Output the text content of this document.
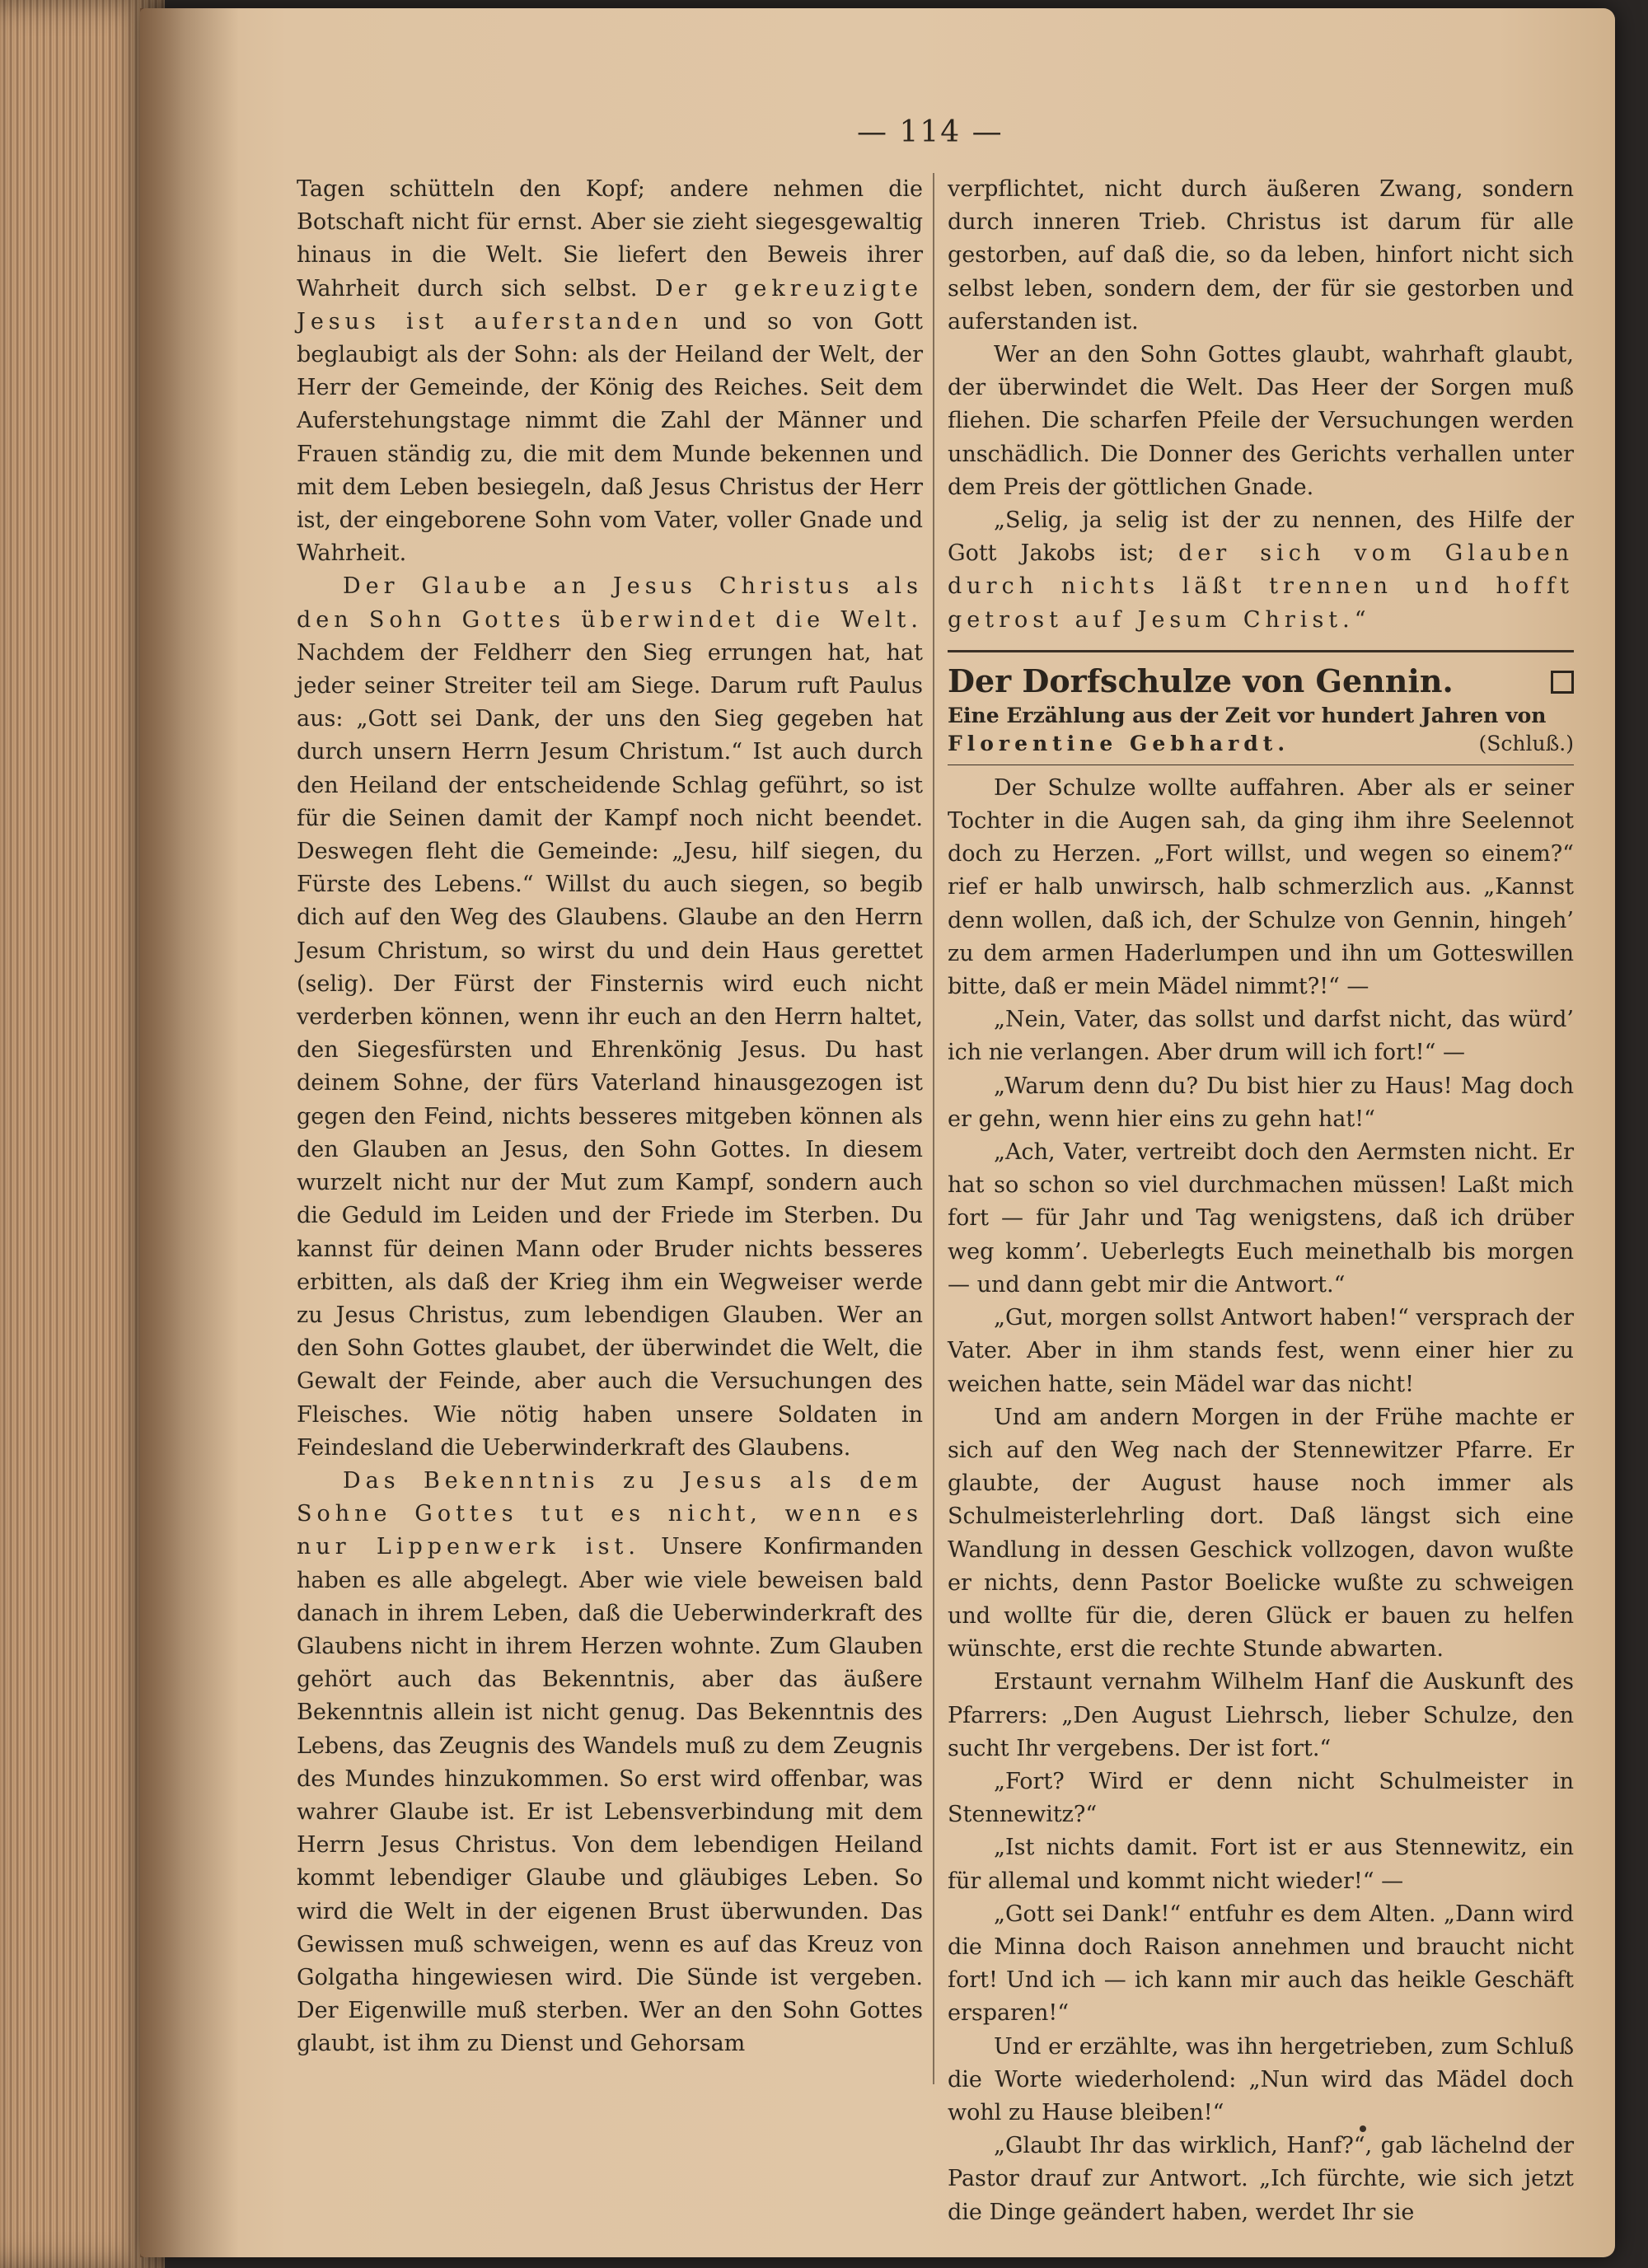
— 114 —

Tagen schütteln den Kopf; andere nehmen die Botschaft nicht für ernst. Aber sie zieht siegesgewaltig hinaus in die Welt. Sie liefert den Beweis ihrer Wahrheit durch sich selbst. Der gekreuzigte Jesus ist auferstanden und so von Gott beglaubigt als der Sohn: als der Heiland der Welt, der Herr der Gemeinde, der König des Reiches. Seit dem Auferstehungstage nimmt die Zahl der Männer und Frauen ständig zu, die mit dem Munde bekennen und mit dem Leben besiegeln, daß Jesus Christus der Herr ist, der eingeborene Sohn vom Vater, voller Gnade und Wahrheit.

Der Glaube an Jesus Christus als den Sohn Gottes überwindet die Welt. Nachdem der Feldherr den Sieg errungen hat, hat jeder seiner Streiter teil am Siege. Darum ruft Paulus aus: „Gott sei Dank, der uns den Sieg gegeben hat durch unsern Herrn Jesum Christum.“ Ist auch durch den Heiland der entscheidende Schlag geführt, so ist für die Seinen damit der Kampf noch nicht beendet. Deswegen fleht die Gemeinde: „Jesu, hilf siegen, du Fürste des Lebens.“ Willst du auch siegen, so begib dich auf den Weg des Glaubens. Glaube an den Herrn Jesum Christum, so wirst du und dein Haus gerettet (selig). Der Fürst der Finsternis wird euch nicht verderben können, wenn ihr euch an den Herrn haltet, den Siegesfürsten und Ehrenkönig Jesus. Du hast deinem Sohne, der fürs Vaterland hinausgezogen ist gegen den Feind, nichts besseres mitgeben können als den Glauben an Jesus, den Sohn Gottes. In diesem wurzelt nicht nur der Mut zum Kampf, sondern auch die Geduld im Leiden und der Friede im Sterben. Du kannst für deinen Mann oder Bruder nichts besseres erbitten, als daß der Krieg ihm ein Wegweiser werde zu Jesus Christus, zum lebendigen Glauben. Wer an den Sohn Gottes glaubet, der überwindet die Welt, die Gewalt der Feinde, aber auch die Versuchungen des Fleisches. Wie nötig haben unsere Soldaten in Feindesland die Ueberwinderkraft des Glaubens.

Das Bekenntnis zu Jesus als dem Sohne Gottes tut es nicht, wenn es nur Lippenwerk ist. Unsere Konfirmanden haben es alle abgelegt. Aber wie viele beweisen bald danach in ihrem Leben, daß die Ueberwinderkraft des Glaubens nicht in ihrem Herzen wohnte. Zum Glauben gehört auch das Bekenntnis, aber das äußere Bekenntnis allein ist nicht genug. Das Bekenntnis des Lebens, das Zeugnis des Wandels muß zu dem Zeugnis des Mundes hinzukommen. So erst wird offenbar, was wahrer Glaube ist. Er ist Lebensverbindung mit dem Herrn Jesus Christus. Von dem lebendigen Heiland kommt lebendiger Glaube und gläubiges Leben. So wird die Welt in der eigenen Brust überwunden. Das Gewissen muß schweigen, wenn es auf das Kreuz von Golgatha hingewiesen wird. Die Sünde ist vergeben. Der Eigenwille muß sterben. Wer an den Sohn Gottes glaubt, ist ihm zu Dienst und Gehorsam

verpflichtet, nicht durch äußeren Zwang, sondern durch inneren Trieb. Christus ist darum für alle gestorben, auf daß die, so da leben, hinfort nicht sich selbst leben, sondern dem, der für sie gestorben und auferstanden ist.

Wer an den Sohn Gottes glaubt, wahrhaft glaubt, der überwindet die Welt. Das Heer der Sorgen muß fliehen. Die scharfen Pfeile der Versuchungen werden unschädlich. Die Donner des Gerichts verhallen unter dem Preis der göttlichen Gnade.

„Selig, ja selig ist der zu nennen, des Hilfe der Gott Jakobs ist; der sich vom Glauben durch nichts läßt trennen und hofft getrost auf Jesum Christ.“

Der Dorfschulze von Gennin.
Eine Erzählung aus der Zeit vor hundert Jahren von
Florentine Gebhardt.	(Schluß.)

Der Schulze wollte auffahren. Aber als er seiner Tochter in die Augen sah, da ging ihm ihre Seelennot doch zu Herzen. „Fort willst, und wegen so einem?“ rief er halb unwirsch, halb schmerzlich aus. „Kannst denn wollen, daß ich, der Schulze von Gennin, hingeh’ zu dem armen Haderlumpen und ihn um Gotteswillen bitte, daß er mein Mädel nimmt?!“ —

„Nein, Vater, das sollst und darfst nicht, das würd’ ich nie verlangen. Aber drum will ich fort!“ —

„Warum denn du? Du bist hier zu Haus! Mag doch er gehn, wenn hier eins zu gehn hat!“

„Ach, Vater, vertreibt doch den Aermsten nicht. Er hat so schon so viel durchmachen müssen! Laßt mich fort — für Jahr und Tag wenigstens, daß ich drüber weg komm’. Ueberlegts Euch meinethalb bis morgen — und dann gebt mir die Antwort.“

„Gut, morgen sollst Antwort haben!“ versprach der Vater. Aber in ihm stands fest, wenn einer hier zu weichen hatte, sein Mädel war das nicht!

Und am andern Morgen in der Frühe machte er sich auf den Weg nach der Stennewitzer Pfarre. Er glaubte, der August hause noch immer als Schulmeisterlehrling dort. Daß längst sich eine Wandlung in dessen Geschick vollzogen, davon wußte er nichts, denn Pastor Boelicke wußte zu schweigen und wollte für die, deren Glück er bauen zu helfen wünschte, erst die rechte Stunde abwarten.

Erstaunt vernahm Wilhelm Hanf die Auskunft des Pfarrers: „Den August Liehrsch, lieber Schulze, den sucht Ihr vergebens. Der ist fort.“

„Fort? Wird er denn nicht Schulmeister in Stennewitz?“

„Ist nichts damit. Fort ist er aus Stennewitz, ein für allemal und kommt nicht wieder!“ —

„Gott sei Dank!“ entfuhr es dem Alten. „Dann wird die Minna doch Raison annehmen und braucht nicht fort! Und ich — ich kann mir auch das heikle Geschäft ersparen!“

Und er erzählte, was ihn hergetrieben, zum Schluß die Worte wiederholend: „Nun wird das Mädel doch wohl zu Hause bleiben!“

„Glaubt Ihr das wirklich, Hanf?“, gab lächelnd der Pastor drauf zur Antwort. „Ich fürchte, wie sich jetzt die Dinge geändert haben, werdet Ihr sie
